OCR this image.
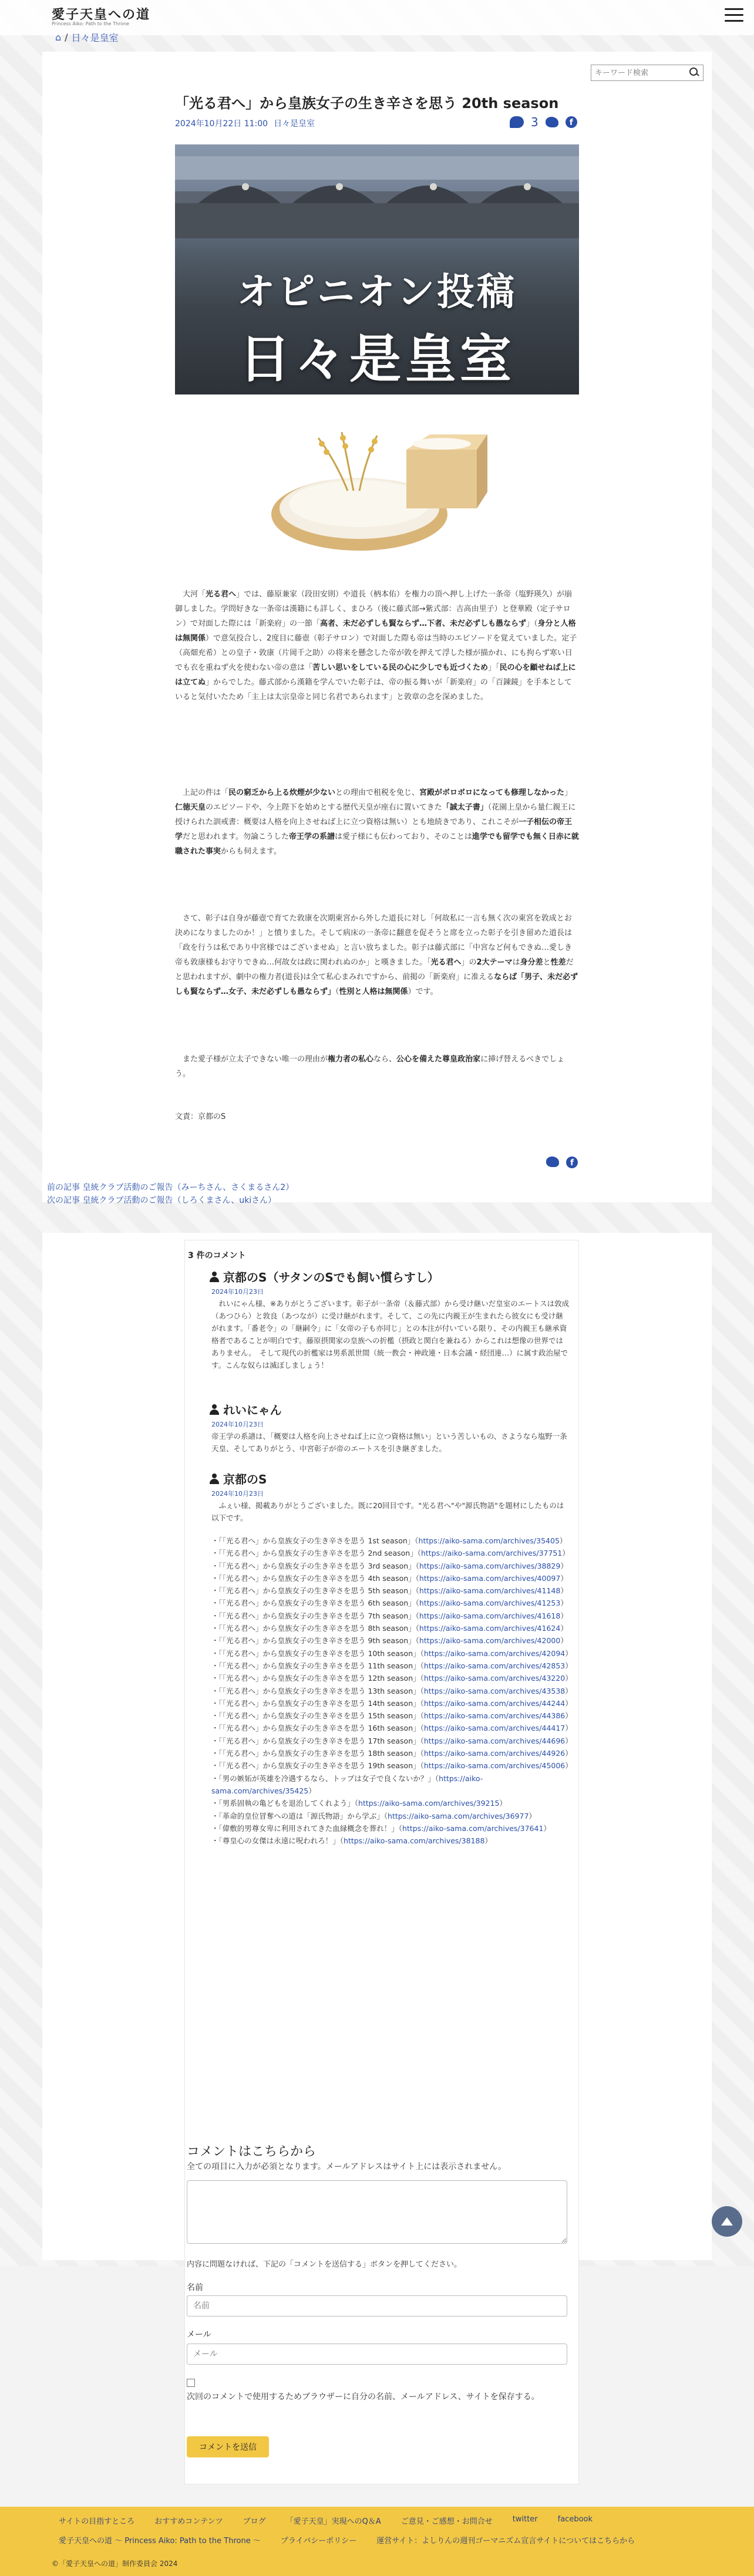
愛子天皇への道
Princess Aiko: Path to the Throne
⌂ / 日々是皇室
キーワード検索
「光る君へ」から皇族女子の生き辛さを思う 20th season
2024年10月22日 11:00 日々是皇室	3	f
オピニオン投稿
日々是皇室
　大河「光る君へ」では、藤原兼家（段田安則）や道長（柄本佑）を権力の頂へ押し上げた一条帝（塩野瑛久）が崩御しました。学問好きな一条帝は漢籍にも詳しく、まひろ（後に藤式部→紫式部：吉高由里子）と登華殿（定子サロン）で対面した際には「新楽府」の一節「高者、未だ必ずしも賢ならず…下者、未だ必ずしも愚ならず」（身分と人格は無関係）で意気投合し、2度目に藤壺（彰子サロン）で対面した際も帝は当時のエピソードを覚えていました。定子（高畑充希）との皇子・敦康（片岡千之助）の将来を懸念した帝が敦を押えて浮した様が描かれ、にも拘らず寒い日でも衣を重ねず火を使わない帝の意は「苦しい思いをしている民の心に少しでも近づくため」「民の心を顧せねば上には立てぬ」からでした。藤式部から漢籍を学んでいた彰子は、帝の振る舞いが「新楽府」の「百錬鏡」を手本としていると気付いたため「主上は太宗皇帝と同じ名君であられます」と敦章の念を深めました。
　上記の件は「民の窮乏から上る炊煙が少ないとの理由で租税を免じ、宮殿がボロボロになっても修理しなかった」仁徳天皇のエピソードや、今上陛下を始めとする歴代天皇が座右に置いてきた「誠太子書」（花園上皇から量仁親王に授けられた訓戒書：概要は人格を向上させねば上に立つ資格は無い）とも地続きであり、これこそが一子相伝の帝王学だと思われます。勿論こうした帝王学の系譜は愛子様にも伝わっており、そのことは進学でも留学でも無く日赤に就職された事実からも伺えます。
　さて、彰子は自身が藤壺で育てた敦康を次期東宮から外した道長に対し「何故私に一言も無く次の東宮を敦成とお決めになりましたのか！」と憤りました。そして病床の一条帝に翻意を促そうと席を立った彰子を引き留めた道長は「政を行うは私であり中宮様ではございませぬ」と言い放ちました。彰子は藤式部に「中宮など何もできぬ…愛しき帝も敦康様もお守りできぬ…何故女は政に関われぬのか」と嘆きました。「光る君へ」の2大テーマは身分差と性差だと思われますが、劇中の権力者(道長)は全て私心まみれですから、前掲の「新楽府」に准えるならば「男子、未だ必ずしも賢ならず…女子、未だ必ずしも愚ならず」（性別と人格は無関係）です。
　また愛子様が立太子できない唯一の理由が権力者の私心なら、公心を備えた尊皇政治家に挿げ替えるべきでしょう。
文責：京都のS
f
前の記事 皇統クラブ活動のご報告（みーちさん、さくまるさん2）
次の記事 皇統クラブ活動のご報告（しろくまさん、ukiさん）
3 件のコメント
京都のS（サタンのSでも飼い慣らすし）
2024年10月23日
　れいにゃん様、※ありがとうございます。彰子が一条帝（＆藤式部）から受け継いだ皇室のエートスは敦成（あつひら）と敦良（あつなが）に受け継がれます。そして、この先に内親王が生まれたら彼女にも受け継がれます。「番老令」の「継嗣令」に「女帝の子も亦同じ」との本注が付いている限り、その内親王も継承資格者であることが明白です。藤原摂関家の皇族への折檻（摂政と関白を兼ねる）からこれは想像の世界ではありません。　そして現代の折檻家は男系派世間（統一教会・神政連・日本会議・経団連…）に属す政治屋です。こんな奴らは滅ぼしましょう！
れいにゃん
2024年10月23日
帝王学の系譜は、「概要は人格を向上させねば上に立つ資格は無い」という苦しいもの、さようなら塩野一条天皇、そしてありがとう、中宮彰子が帝のエートスを引き継ぎました。
京都のS
2024年10月23日
　ふぇい様、掲載ありがとうございました。既に20回目です。"光る君へ"や"源氏物語"を題材にしたものは以下です。
・「「光る君へ」から皇族女子の生き辛さを思う 1st season」（https://aiko-sama.com/archives/35405）
・「「光る君へ」から皇族女子の生き辛さを思う 2nd season」（https://aiko-sama.com/archives/37751）
・「「光る君へ」から皇族女子の生き辛さを思う 3rd season」（https://aiko-sama.com/archives/38829）
・「「光る君へ」から皇族女子の生き辛さを思う 4th season」（https://aiko-sama.com/archives/40097）
・「「光る君へ」から皇族女子の生き辛さを思う 5th season」（https://aiko-sama.com/archives/41148）
・「「光る君へ」から皇族女子の生き辛さを思う 6th season」（https://aiko-sama.com/archives/41253）
・「「光る君へ」から皇族女子の生き辛さを思う 7th season」（https://aiko-sama.com/archives/41618）
・「「光る君へ」から皇族女子の生き辛さを思う 8th season」（https://aiko-sama.com/archives/41624）
・「「光る君へ」から皇族女子の生き辛さを思う 9th season」（https://aiko-sama.com/archives/42000）
・「「光る君へ」から皇族女子の生き辛さを思う 10th season」（https://aiko-sama.com/archives/42094）
・「「光る君へ」から皇族女子の生き辛さを思う 11th season」（https://aiko-sama.com/archives/42853）
・「「光る君へ」から皇族女子の生き辛さを思う 12th season」（https://aiko-sama.com/archives/43220）
・「「光る君へ」から皇族女子の生き辛さを思う 13th season」（https://aiko-sama.com/archives/43538）
・「「光る君へ」から皇族女子の生き辛さを思う 14th season」（https://aiko-sama.com/archives/44244）
・「「光る君へ」から皇族女子の生き辛さを思う 15th season」（https://aiko-sama.com/archives/44386）
・「「光る君へ」から皇族女子の生き辛さを思う 16th season」（https://aiko-sama.com/archives/44417）
・「「光る君へ」から皇族女子の生き辛さを思う 17th season」（https://aiko-sama.com/archives/44696）
・「「光る君へ」から皇族女子の生き辛さを思う 18th season」（https://aiko-sama.com/archives/44926）
・「「光る君へ」から皇族女子の生き辛さを思う 19th season」（https://aiko-sama.com/archives/45006）
・「男の嫉妬が英雄を冷遇するなら、トップは女子で良くないか？」（https://aiko-sama.com/archives/35425）
・「男系固執の亀どもを退治してくれよう」（https://aiko-sama.com/archives/39215）
・「革命的皇位冒奪への道は「源氏物語」から学ぶ」（https://aiko-sama.com/archives/36977）
・「偉敷的男尊女卑に利用されてきた血縁概念を葬れ！」（https://aiko-sama.com/archives/37641）
・「尊皇心の女傑は永遠に呪われろ！」（https://aiko-sama.com/archives/38188）
コメントはこちらから
全ての項目に入力が必須となります。メールアドレスはサイト上には表示されません。
内容に問題なければ、下記の「コメントを送信する」ボタンを押してください。
名前
名前
メール
メール
次回のコメントで使用するためブラウザーに自分の名前、メールアドレス、サイトを保存する。
コメントを送信
サイトの目指すところ	おすすめコンテンツ	ブログ	「愛子天皇」実現へのQ＆A	ご意見・ご感想・お問合せ	twitter	facebook
愛子天皇への道 ～ Princess Aiko: Path to the Throne ～	プライバシーポリシー	運営サイト：よしりんの週刊ゴーマニズム宣言サイトについてはこちらから
©「愛子天皇への道」制作委員会 2024
